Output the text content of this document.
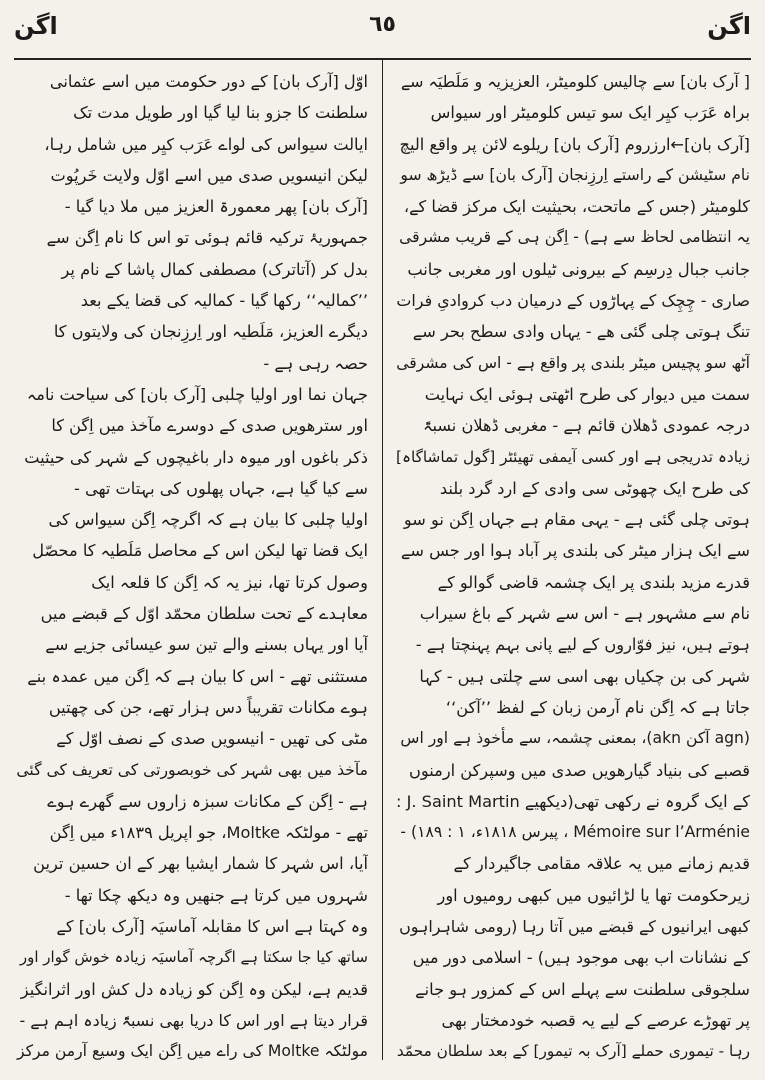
اگن	٦٥	اگن
[ آرک بان] سے چالیس کلومیٹر، العزیزیہ و مَلَطیَہ سے
براہ عَرَب کیِر ایک سو تیس کلومیٹر اور سیواس
[آرک بان]←ارزروم [آرک بان] ریلوے لائن پر واقع الیچ
نام سٹیشن کے راستے اِرزِنجان [آرک بان] سے ڈیڑھ سو
کلومیٹر (جس کے ماتحت، بحیثیت ایک مرکز قضا کے،
یہ انتظامی لحاظ سے ہے) - اِگن ہی کے قریب مشرقی
جانب جبال دِرسِم کے بیرونی ٹیلوں اور مغربی جانب
صاری - چِچِک کے پہاڑوں کے درمیان دب کروادیِ فرات
تنگ ہوتی چلی گئی ھے - یہاں وادی سطح بحر سے
آٹھ سو پچیس میٹر بلندی پر واقع ہے - اس کی مشرقی
سمت میں دیوار کی طرح اٹھتی ہوئی ایک نہایت
درجہ عمودی ڈھلان قائم ہے - مغربی ڈھلان نسبۃً
زیادہ تدریجی ہے اور کسی آیمفی تھیئٹر [گول تماشاگاہ]
کی طرح ایک چھوٹی سی وادی کے ارد گرد بلند
ہوتی چلی گئی ہے - یہی مقام ہے جہاں اِگن نو سو
سے ایک ہزار میٹر کی بلندی پر آباد ہوا اور جس سے
قدرے مزید بلندی پر ایک چشمہ قاضی گوالو کے
نام سے مشہور ہے - اس سے شہر کے باغ سیراب
ہوتے ہیں، نیز فوّاروں کے لیے پانی بہم پہنچتا ہے -
شہر کی بن چکیاں بھی اسی سے چلتی ہیں - کہا
جاتا ہے کہ اِگن نام آرمن زبان کے لفظ ’’آکن‘‘
(agn آکن akn)، بمعنی چشمہ، سے مأخوذ ہے اور اس
قصبے کی بنیاد گیارھویں صدی میں وسپرکن ارمنوں
کے ایک گروہ نے رکھی تھی(دیکھیے J. Saint Martin :
Mémoire sur l’Arménie ، پیرس ١٨١٨ء، ١ : ١٨٩) -
قدیم زمانے میں یہ علاقہ مقامی جاگیردار کے
زیرحکومت تھا یا لڑائیوں میں کبھی رومیوں اور
کبھی ایرانیوں کے قبضے میں آتا رہا (رومی شاہراہوں
کے نشانات اب بھی موجود ہیں) - اسلامی دور میں
سلجوقی سلطنت سے پہلے اس کے کمزور ہو جانے
پر تھوڑے عرصے کے لیے یہ قصبہ خودمختار بھی
رہا - تیموری حملے [آرک بہ تیمور] کے بعد سلطان محمّد
اوّل [آرک بان] کے دور حکومت میں اسے عثمانی
سلطنت کا جزو بنا لیا گیا اور طویل مدت تک
ایالت سیواس کی لواے عَرَب کیِر میں شامل رہا،
لیکن انیسویں صدی میں اسے اوّل ولایت خَرپُوت
[آرک بان] پھر معمورۃ العزیز میں ملا دیا گیا -
جمہوریۂ ترکیہ قائم ہوئی تو اس کا نام اِگن سے
بدل کر (آتاترک) مصطفی کمال پاشا کے نام پر
’’کمالیہ‘‘ رکھا گیا - کمالیہ کی قضا یکے بعد
دیگرے العزیز، مَلَطیہ اور اِرزِنجان کی ولایتوں کا
حصہ رہی ہے -
جہان نما اور اولیا چلبی [آرک بان] کی سیاحت نامہ
اور سترھویں صدی کے دوسرے مآخذ میں اِگن کا
ذکر باغوں اور میوہ دار باغیچوں کے شہر کی حیثیت
سے کیا گیا ہے، جہاں پھلوں کی بہتات تھی -
اولیا چلبی کا بیان ہے کہ اگرچہ اِگن سیواس کی
ایک قضا تھا لیکن اس کے محاصل مَلَطیہ کا محصّل
وصول کرتا تھا، نیز یہ کہ اِگن کا قلعہ ایک
معاہدے کے تحت سلطان محمّد اوّل کے قبضے میں
آیا اور یہاں بسنے والے تین سو عیسائی جزیے سے
مستثنی تھے - اس کا بیان ہے کہ اِگن میں عمدہ بنے
ہوے مکانات تقریباً دس ہزار تھے، جن کی چھتیں
مٹی کی تھیں - انیسویں صدی کے نصف اوّل کے
مآخذ میں بھی شہر کی خوبصورتی کی تعریف کی گئی
ہے - اِگن کے مکانات سبزہ زاروں سے گھرے ہوے
تھے - مولٹکہ Moltke، جو اپریل ١٨٣٩ء میں اِگن
آیا، اس شہر کا شمار ایشیا بھر کے ان حسین ترین
شہروں میں کرتا ہے جنھیں وہ دیکھ چکا تھا -
وہ کہتا ہے اس کا مقابلہ آماسیَہ [آرک بان] کے
ساتھ کیا جا سکتا ہے اگرچہ آماسیَہ زیادہ خوش گوار اور
قدیم ہے، لیکن وہ اِگن کو زیادہ دل کش اور اثرانگیز
قرار دیتا ہے اور اس کا دریا بھی نسبۃً زیادہ اہم ہے -
مولٹکہ Moltke کی راے میں اِگن ایک وسیع آرمن مرکز
